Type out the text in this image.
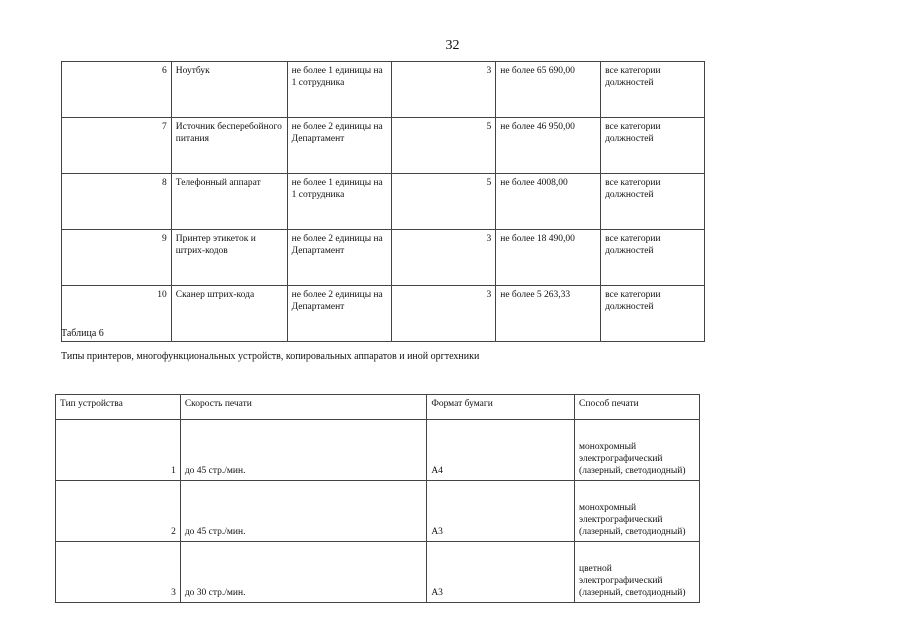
32
6	Ноутбук	не более 1 единицы на 1 сотрудника	3	не более 65 690,00	все категории должностей
7	Источник бесперебойного питания	не более 2 единицы на Департамент	5	не более 46 950,00	все категории должностей
8	Телефонный аппарат	не более 1 единицы на 1 сотрудника	5	не более 4008,00	все категории должностей
9	Принтер этикеток и штрих-кодов	не более 2 единицы на Департамент	3	не более 18 490,00	все категории должностей
10	Сканер штрих-кода	не более 2 единицы на Департамент	3	не более 5 263,33	все категории должностей
Таблица 6
Типы принтеров, многофункциональных устройств, копировальных аппаратов и иной оргтехники
Тип устройства	Скорость печати	Формат бумаги	Способ печати
1	до 45 стр./мин.	А4	монохромный электрографический (лазерный, светодиодный)
2	до 45 стр./мин.	А3	монохромный электрографический (лазерный, светодиодный)
3	до 30 стр./мин.	А3	цветной электрографический (лазерный, светодиодный)
